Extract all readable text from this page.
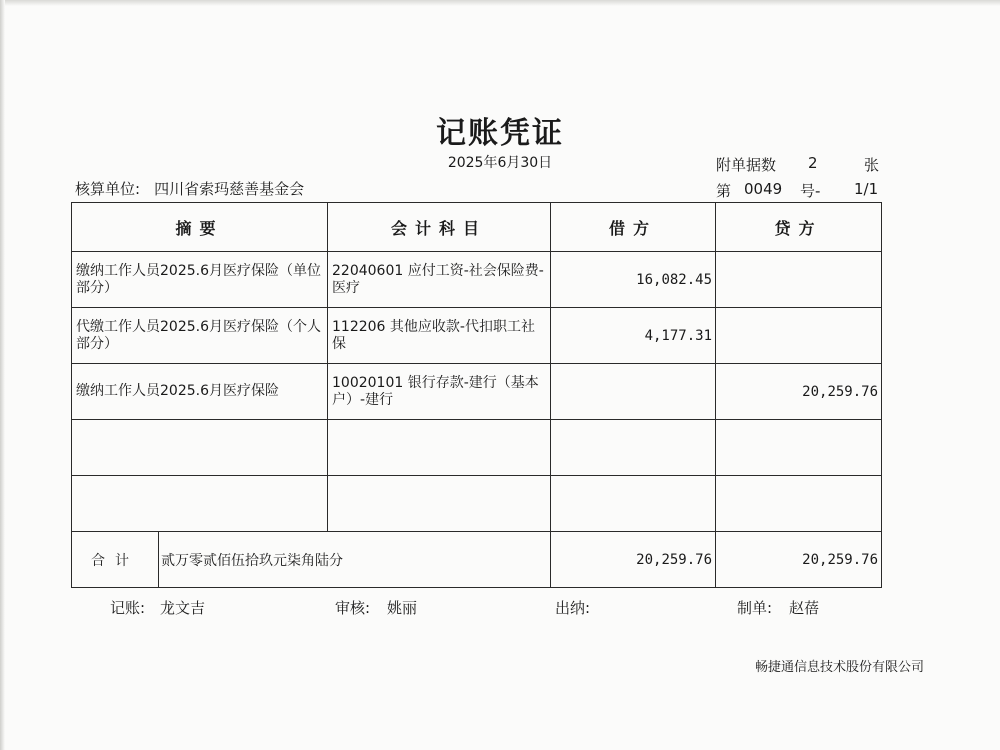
记账凭证
2025年6月30日
核算单位: 四川省索玛慈善基金会
附单据数 2	张
第 0049 号- 1/1
摘要		会计科目	借方	贷方
缴纳工作人员2025.6月医疗保险（单位部分）		22040601 应付工资-社会保险费-医疗	16,082.45	
代缴工作人员2025.6月医疗保险（个人部分）		112206 其他应收款-代扣职工社保	4,177.31	
缴纳工作人员2025.6月医疗保险		10020101 银行存款-建行（基本户）-建行		20,259.76

合计	贰万零贰佰伍拾玖元柒角陆分		20,259.76	20,259.76
记账: 龙文吉	审核: 姚丽	出纳:	制单: 赵蓓
畅捷通信息技术股份有限公司
